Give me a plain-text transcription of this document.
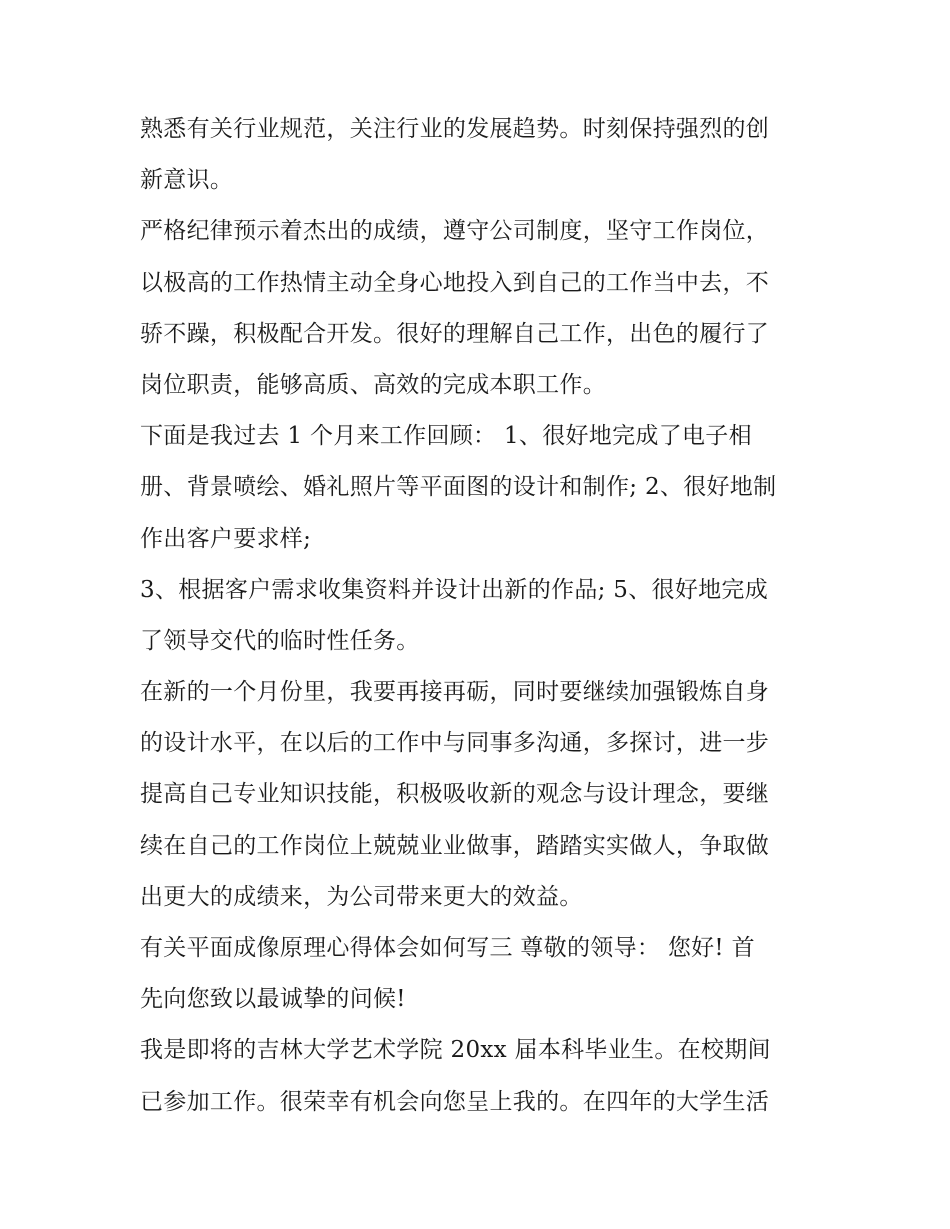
熟悉有关行业规范，关注行业的发展趋势。时刻保持强烈的创
新意识。
严格纪律预示着杰出的成绩，遵守公司制度，坚守工作岗位，
以极高的工作热情主动全身心地投入到自己的工作当中去，不
骄不躁，积极配合开发。很好的理解自己工作，出色的履行了
岗位职责，能够高质、高效的完成本职工作。
下面是我过去 1 个月来工作回顾： 1、很好地完成了电子相
册、背景喷绘、婚礼照片等平面图的设计和制作; 2、很好地制
作出客户要求样;
3、根据客户需求收集资料并设计出新的作品; 5、很好地完成
了领导交代的临时性任务。
在新的一个月份里，我要再接再砺，同时要继续加强锻炼自身
的设计水平，在以后的工作中与同事多沟通，多探讨，进一步
提高自己专业知识技能，积极吸收新的观念与设计理念，要继
续在自己的工作岗位上兢兢业业做事，踏踏实实做人，争取做
出更大的成绩来，为公司带来更大的效益。
有关平面成像原理心得体会如何写三 尊敬的领导： 您好! 首
先向您致以最诚挚的问候!
我是即将的吉林大学艺术学院 20xx 届本科毕业生。在校期间
已参加工作。很荣幸有机会向您呈上我的。在四年的大学生活
